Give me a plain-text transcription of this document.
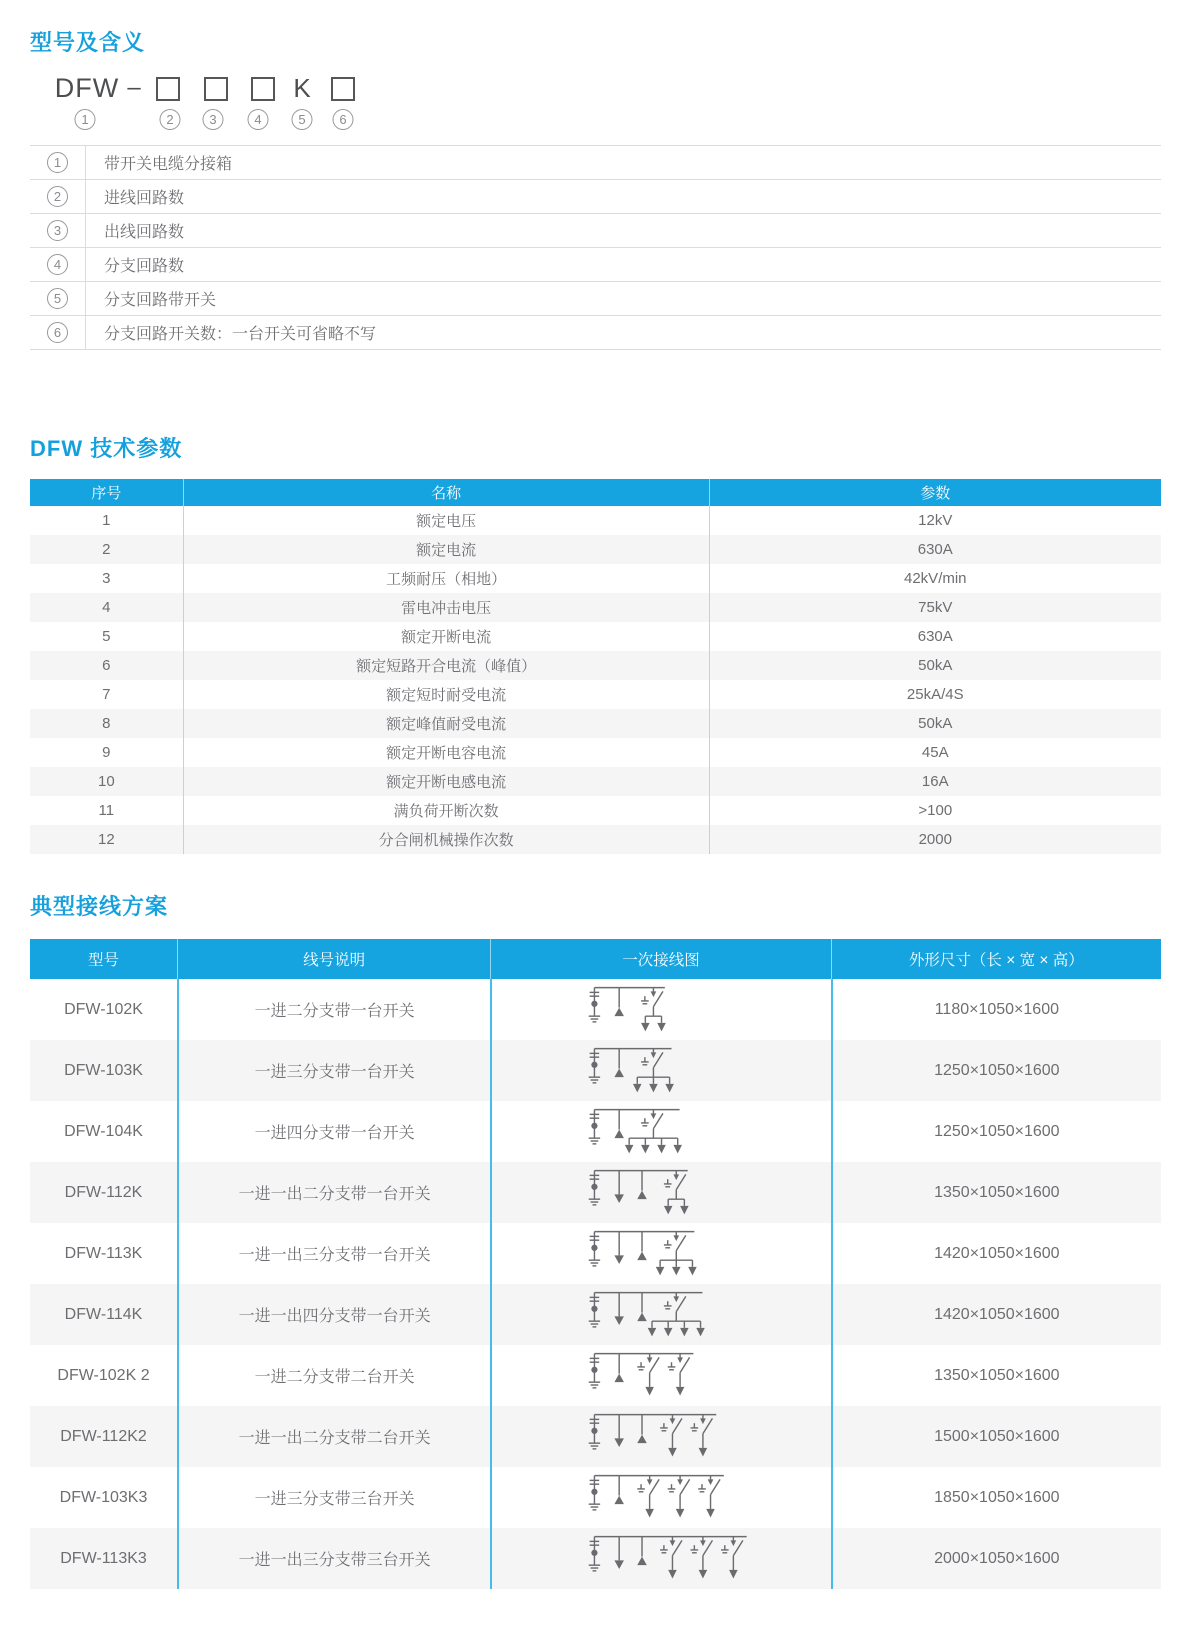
型号及含义
DFW –	K
1	2	3	4	5	6
1	带开关电缆分接箱
2	进线回路数
3	出线回路数
4	分支回路数
5	分支回路带开关
6	分支回路开关数：一台开关可省略不写
DFW 技术参数
序号	名称	参数
1	额定电压	12kV
2	额定电流	630A
3	工频耐压（相地）	42kV/min
4	雷电冲击电压	75kV
5	额定开断电流	630A
6	额定短路开合电流（峰值）	50kA
7	额定短时耐受电流	25kA/4S
8	额定峰值耐受电流	50kA
9	额定开断电容电流	45A
10	额定开断电感电流	16A
11	满负荷开断次数	>100
12	分合闸机械操作次数	2000
典型接线方案
型号	线号说明	一次接线图	外形尺寸（长 × 宽 × 高）
DFW-102K	一进二分支带一台开关	1180×1050×1600
DFW-103K	一进三分支带一台开关	1250×1050×1600
DFW-104K	一进四分支带一台开关	1250×1050×1600
DFW-112K	一进一出二分支带一台开关	1350×1050×1600
DFW-113K	一进一出三分支带一台开关	1420×1050×1600
DFW-114K	一进一出四分支带一台开关	1420×1050×1600
DFW-102K 2	一进二分支带二台开关	1350×1050×1600
DFW-112K2	一进一出二分支带二台开关	1500×1050×1600
DFW-103K3	一进三分支带三台开关	1850×1050×1600
DFW-113K3	一进一出三分支带三台开关	2000×1050×1600
